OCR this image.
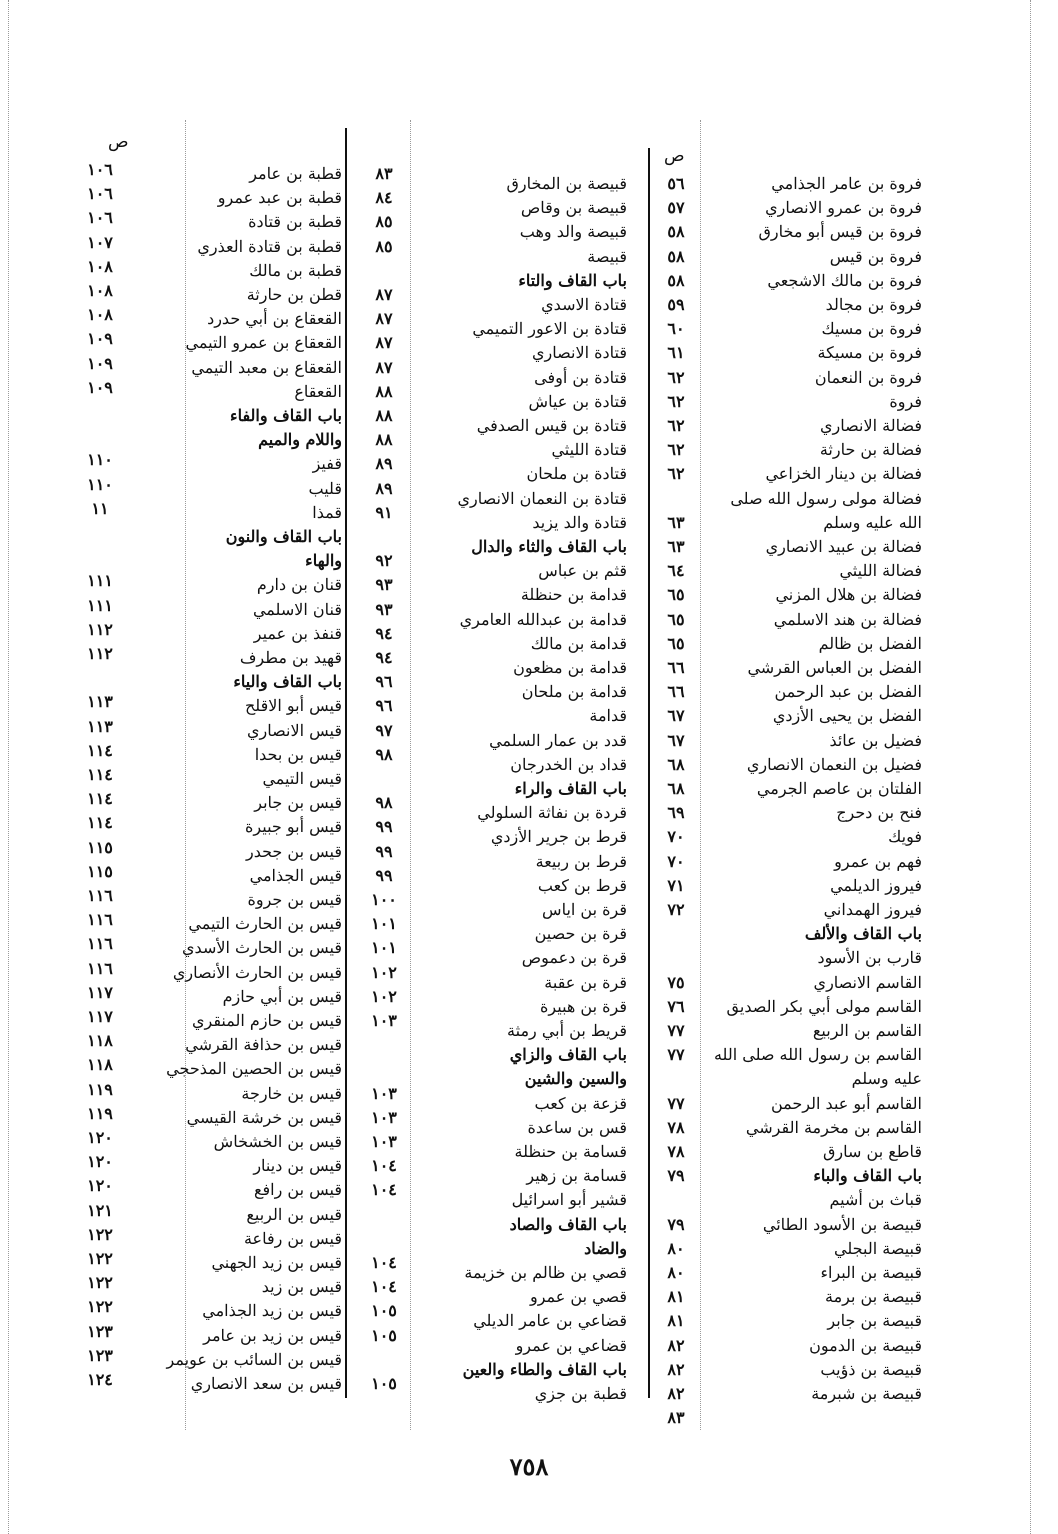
ص
ص
فروة بن عامر الجذامي
فروة بن عمرو الانصاري
فروة بن قيس أبو مخارق
فروة بن قيس
فروة بن مالك الاشجعي
فروة بن مجالد
فروة بن مسيك
فروة بن مسيكة
فروة بن النعمان
فروة
فضالة الانصاري
فضالة بن حارثة
فضالة بن دينار الخزاعي
فضالة مولى رسول الله صلى
الله عليه وسلم
فضالة بن عبيد الانصاري
فضالة الليثي
فضالة بن هلال المزني
فضالة بن هند الاسلمي
الفضل بن ظالم
الفضل بن العباس القرشي
الفضل بن عبد الرحمن
الفضل بن يحيى الأزدي
فضيل بن عائذ
فضيل بن النعمان الانصاري
الفلتان بن عاصم الجرمي
فنح بن دحرج
فويك
فهم بن عمرو
فيروز الديلمي
فيروز الهمداني
باب القاف والألف
قارب بن الأسود
القاسم الانصاري
القاسم مولى أبي بكر الصديق
القاسم بن الربيع
القاسم بن رسول الله صلى الله
عليه وسلم
القاسم أبو عبد الرحمن
القاسم بن مخرمة القرشي
قاطع بن سارق
باب القاف والباء
قباث بن أشيم
قبيصة بن الأسود الطائي
قبيصة البجلي
قبيصة بن البراء
قبيصة بن برمة
قبيصة بن جابر
قبيصة بن الدمون
قبيصة بن ذؤيب
قبيصة بن شبرمة
٥٦
٥٧
٥٨
٥٨
٥٨
٥٩
٦٠
٦١
٦٢
٦٢
٦٢
٦٢
٦٢
٦٣
٦٣
٦٤
٦٥
٦٥
٦٥
٦٦
٦٦
٦٧
٦٧
٦٨
٦٨
٦٩
٧٠
٧٠
٧١
٧٢
٧٥
٧٦
٧٧
٧٧
٧٧
٧٨
٧٨
٧٩
٧٩
٨٠
٨٠
٨١
٨١
٨٢
٨٢
٨٢
٨٣
قبيصة بن المخارق
قبيصة بن وقاص
قبيصة والد وهب
قبيصة
باب القاف والتاء
قتادة الاسدي
قتادة بن الاعور التميمي
قتادة الانصاري
قتادة بن أوفى
قتادة بن عياش
قتادة بن قيس الصدفي
قتادة الليثي
قتادة بن ملحان
قتادة بن النعمان الانصاري
قتادة والد يزيد
باب القاف والثاء والدال
قثم بن عباس
قدامة بن حنظلة
قدامة بن عبدالله العامري
قدامة بن مالك
قدامة بن مظعون
قدامة بن ملحان
قدامة
قدد بن عمار السلمي
قداد بن الخدرجان
باب القاف والراء
قردة بن نفاثة السلولي
قرط بن جرير الأزدي
قرط بن ربيعة
قرط بن كعب
قرة بن اياس
قرة بن حصين
قرة بن دعموص
قرة بن عقبة
قرة بن هبيرة
قريط بن أبي رمثة
باب القاف والزاي
والسين والشين
قزعة بن كعب
قس بن ساعدة
قسامة بن حنظلة
قسامة بن زهير
قشير أبو اسرائيل
باب القاف والصاد
والضاد
قصي بن ظالم بن خزيمة
قصي بن عمرو
قضاعي بن عامر الديلي
قضاعي بن عمرو
باب القاف والطاء والعين
قطبة بن جزي
٨٣
٨٤
٨٥
٨٥
٨٧
٨٧
٨٧
٨٧
٨٨
٨٨
٨٨
٨٩
٨٩
٩١
٩٢
٩٣
٩٣
٩٤
٩٤
٩٦
٩٦
٩٧
٩٨
٩٨
٩٩
٩٩
٩٩
١٠٠
١٠١
١٠١
١٠٢
١٠٢
١٠٣
١٠٣
١٠٣
١٠٣
١٠٤
١٠٤
١٠٤
١٠٤
١٠٥
١٠٥
١٠٥
قطبة بن عامر
قطبة بن عبد عمرو
قطبة بن قتادة
قطبة بن قتادة العذري
قطبة بن مالك
قطن بن حارثة
القعقاع بن أبي حدرد
القعقاع بن عمرو التيمي
القعقاع بن معبد التيمي
القعقاع
باب القاف والفاء
واللام والميم
قفيز
قليب
قمذا
باب القاف والنون
والهاء
قنان بن دارم
قنان الاسلمي
قنفذ بن عمير
قهيد بن مطرف
باب القاف والياء
قيس أبو الاقلح
قيس الانصاري
قيس بن بحدا
قيس التيمي
قيس بن جابر
قيس أبو جبيرة
قيس بن جحدر
قيس الجذامي
قيس بن جروة
قيس بن الحارث التيمي
قيس بن الحارث الأسدي
قيس بن الحارث الأنصاري
قيس بن أبي حازم
قيس بن حازم المنقري
قيس بن حذافة القرشي
قيس بن الحصين المذحجي
قيس بن خارجة
قيس بن خرشة القيسي
قيس بن الخشخاش
قيس بن دينار
قيس بن رافع
قيس بن الربيع
قيس بن رفاعة
قيس بن زيد الجهني
قيس بن زيد
قيس بن زيد الجذامي
قيس بن زيد بن عامر
قيس بن السائب بن عويمر
قيس بن سعد الانصاري
١٠٦
١٠٦
١٠٦
١٠٧
١٠٨
١٠٨
١٠٨
١٠٩
١٠٩
١٠٩
١١٠
١١٠
١١
١١١
١١١
١١٢
١١٢
١١٣
١١٣
١١٤
١١٤
١١٤
١١٤
١١٥
١١٥
١١٦
١١٦
١١٦
١١٦
١١٧
١١٧
١١٨
١١٨
١١٩
١١٩
١٢٠
١٢٠
١٢٠
١٢١
١٢٢
١٢٢
١٢٢
١٢٢
١٢٣
١٢٣
١٢٤
٧٥٨
